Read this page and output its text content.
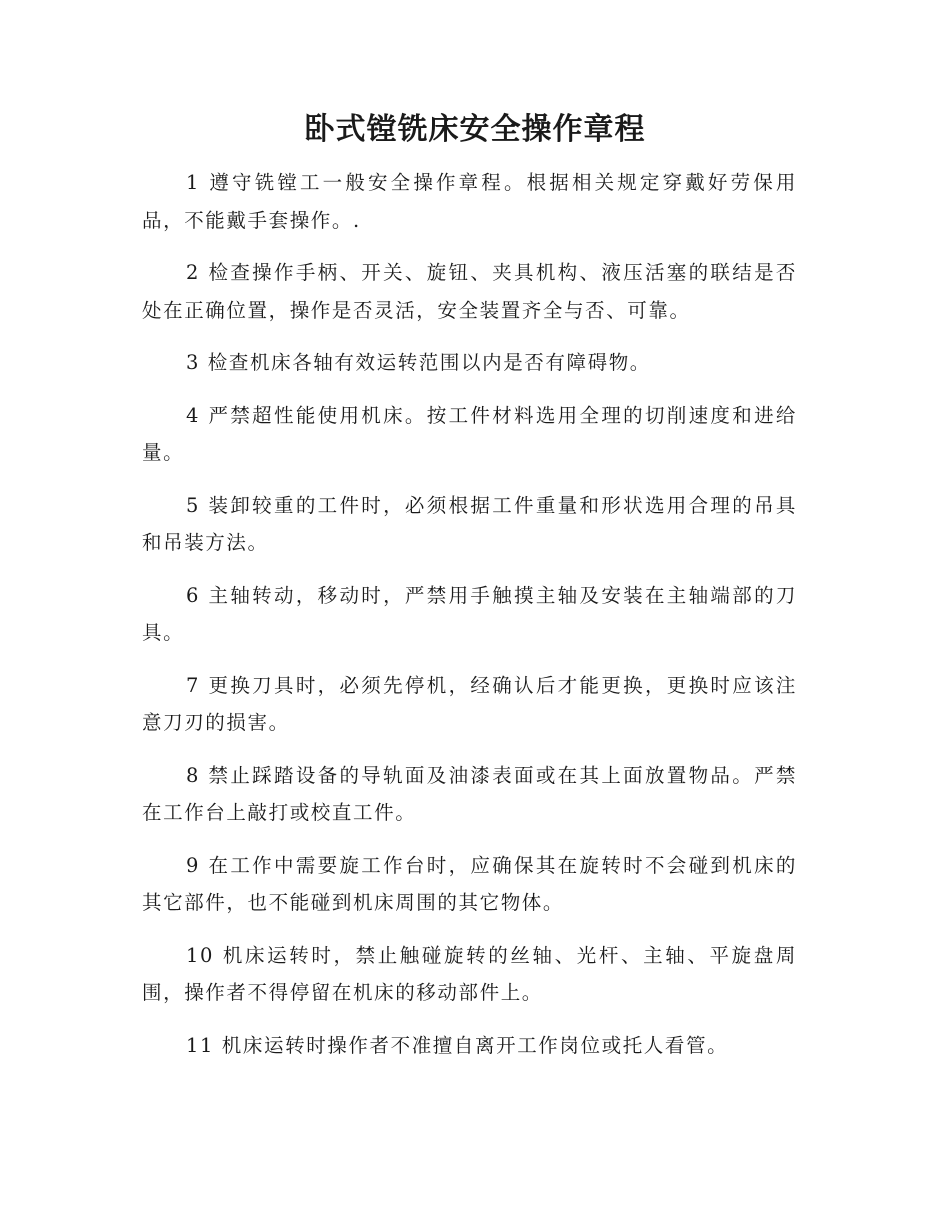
卧式镗铣床安全操作章程

1 遵守铣镗工一般安全操作章程。根据相关规定穿戴好劳保用品，不能戴手套操作。.

2 检查操作手柄、开关、旋钮、夹具机构、液压活塞的联结是否处在正确位置，操作是否灵活，安全装置齐全与否、可靠。

3 检查机床各轴有效运转范围以内是否有障碍物。

4 严禁超性能使用机床。按工件材料选用全理的切削速度和进给量。

5 装卸较重的工件时，必须根据工件重量和形状选用合理的吊具和吊装方法。

6 主轴转动，移动时，严禁用手触摸主轴及安装在主轴端部的刀具。

7 更换刀具时，必须先停机，经确认后才能更换，更换时应该注意刀刃的损害。

8 禁止踩踏设备的导轨面及油漆表面或在其上面放置物品。严禁在工作台上敲打或校直工件。

9 在工作中需要旋工作台时，应确保其在旋转时不会碰到机床的其它部件，也不能碰到机床周围的其它物体。

10 机床运转时，禁止触碰旋转的丝轴、光杆、主轴、平旋盘周围，操作者不得停留在机床的移动部件上。

11 机床运转时操作者不准擅自离开工作岗位或托人看管。
